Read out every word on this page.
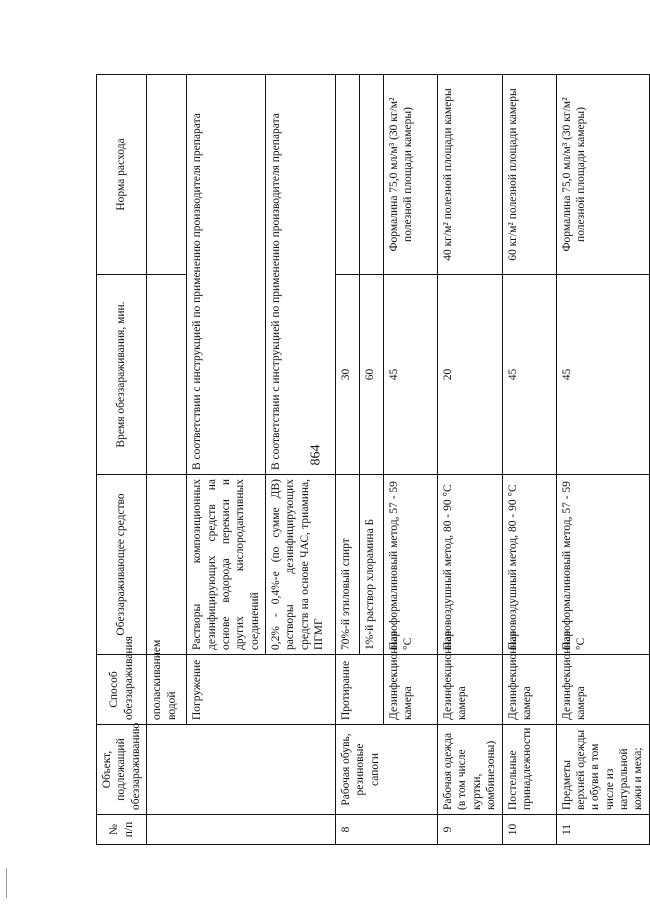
864
№ п/п	Объект, подлежащий обеззараживанию	Способ обеззараживания	Обеззараживающее средство	Время обеззараживания, мин.	Норма расхода
		ополаскиванием водой			
		Погружение	Растворы композиционных дезинфицирующих средств на основе водорода перекиси и других кислородактивных соединений	В соответствии с инструкцией по применению производителя препарата	
			0,2% - 0,4%-е (по сумме ДВ) растворы дезинфицирующих средств на основе ЧАС, триамина, ПГМГ	В соответствии с инструкцией по применению производителя препарата	
8	Рабочая обувь, резиновые сапоги	Протирание	70%-й этиловый спирт	30	
			1%-й раствор хлорамина Б	60	
		Дезинфекционная камера	Пароформалиновый метод, 57 - 59 °С	45	Формалина 75,0 мл/м³ (30 кг/м² полезной площади камеры)
9	Рабочая одежда (в том числе куртки, комбинезоны)	Дезинфекционная камера	Паровоздушный метод, 80 - 90 °С	20	40 кг/м² полезной площади камеры
10	Постельные принадлежности	Дезинфекционная камера	Паровоздушный метод, 80 - 90 °С	45	60 кг/м² полезной площади камеры
11	Предметы верхней одежды и обуви в том числе из натуральной кожи и меха;	Дезинфекционная камера	Пароформалиновый метод, 57 - 59 °С	45	Формалина 75,0 мл/м³ (30 кг/м² полезной площади камеры)
